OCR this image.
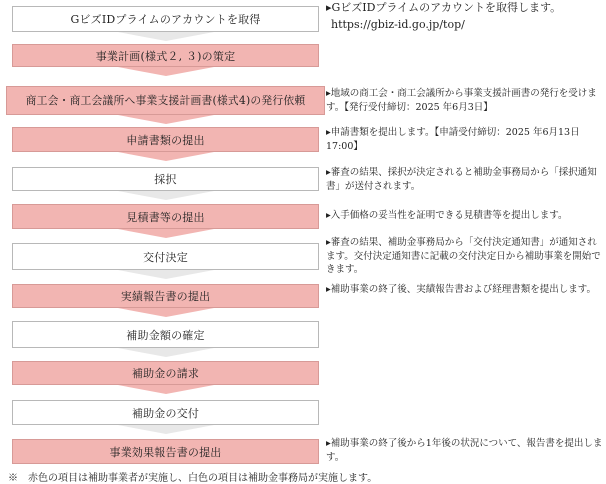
GビズIDプライムのアカウントを取得
事業計画(様式２, ３)の策定
商工会・商工会議所へ事業支援計画書(様式4)の発行依頼
申請書類の提出
採択
見積書等の提出
交付決定
実績報告書の提出
補助金額の確定
補助金の請求
補助金の交付
事業効果報告書の提出
▸GビズIDプライムのアカウントを取得します。
https://gbiz-id.go.jp/top/
▸地域の商工会・商工会議所から事業支援計画書の発行を受けます。【発行受付締切：2025 年6月3日】
▸申請書類を提出します。【申請受付締切：2025 年6月13日 17:00】
▸審査の結果、採択が決定されると補助金事務局から「採択通知書」が送付されます。
▸入手価格の妥当性を証明できる見積書等を提出します。
▸審査の結果、補助金事務局から「交付決定通知書」が通知されます。交付決定通知書に記載の交付決定日から補助事業を開始できます。
▸補助事業の終了後、実績報告書および経理書類を提出します。
▸補助事業の終了後から1年後の状況について、報告書を提出します。
※　赤色の項目は補助事業者が実施し、白色の項目は補助金事務局が実施します。
